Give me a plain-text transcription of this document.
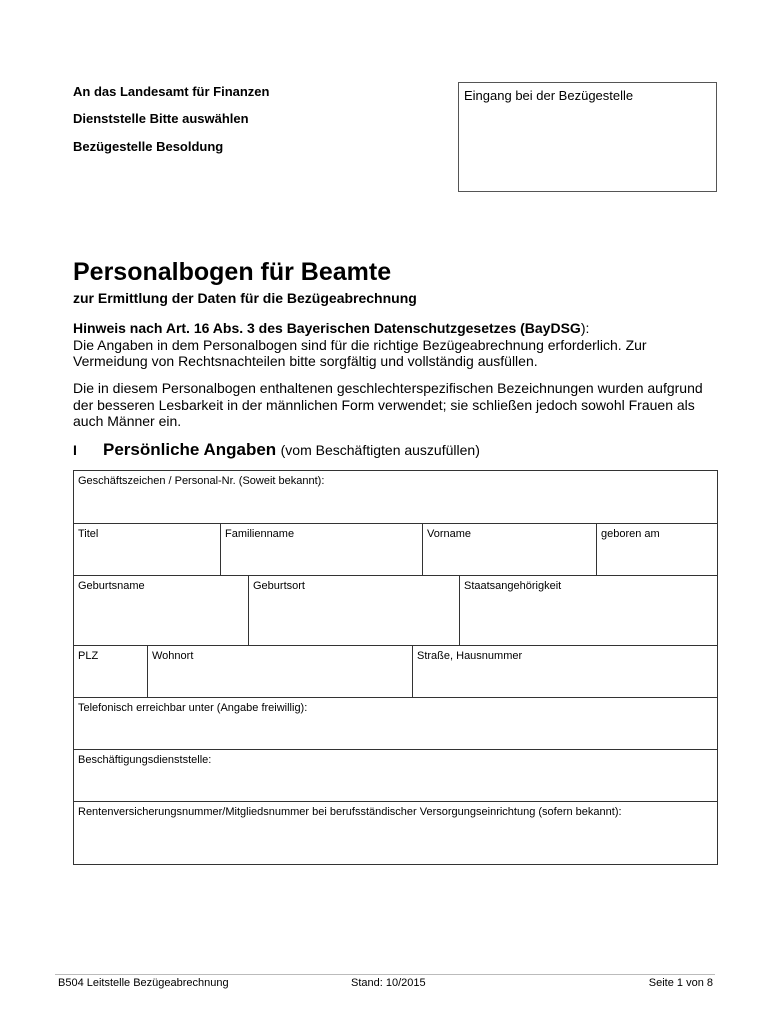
An das Landesamt für Finanzen
Dienststelle Bitte auswählen
Bezügestelle Besoldung
Eingang bei der Bezügestelle
Personalbogen für Beamte
zur Ermittlung der Daten für die Bezügeabrechnung
Hinweis nach Art. 16 Abs. 3 des Bayerischen Datenschutzgesetzes (BayDSG):
Die Angaben in dem Personalbogen sind für die richtige Bezügeabrechnung erforderlich. Zur
Vermeidung von Rechtsnachteilen bitte sorgfältig und vollständig ausfüllen.
Die in diesem Personalbogen enthaltenen geschlechterspezifischen Bezeichnungen wurden aufgrund
der besseren Lesbarkeit in der männlichen Form verwendet; sie schließen jedoch sowohl Frauen als
auch Männer ein.
I Persönliche Angaben (vom Beschäftigten auszufüllen)
Geschäftszeichen / Personal-Nr. (Soweit bekannt):
Titel	Familienname	Vorname	geboren am
Geburtsname	Geburtsort	Staatsangehörigkeit
PLZ	Wohnort	Straße, Hausnummer
Telefonisch erreichbar unter (Angabe freiwillig):
Beschäftigungsdienststelle:
Rentenversicherungsnummer/Mitgliedsnummer bei berufsständischer Versorgungseinrichtung (sofern bekannt):
B504 Leitstelle Bezügeabrechnung	Stand: 10/2015	Seite 1 von 8
